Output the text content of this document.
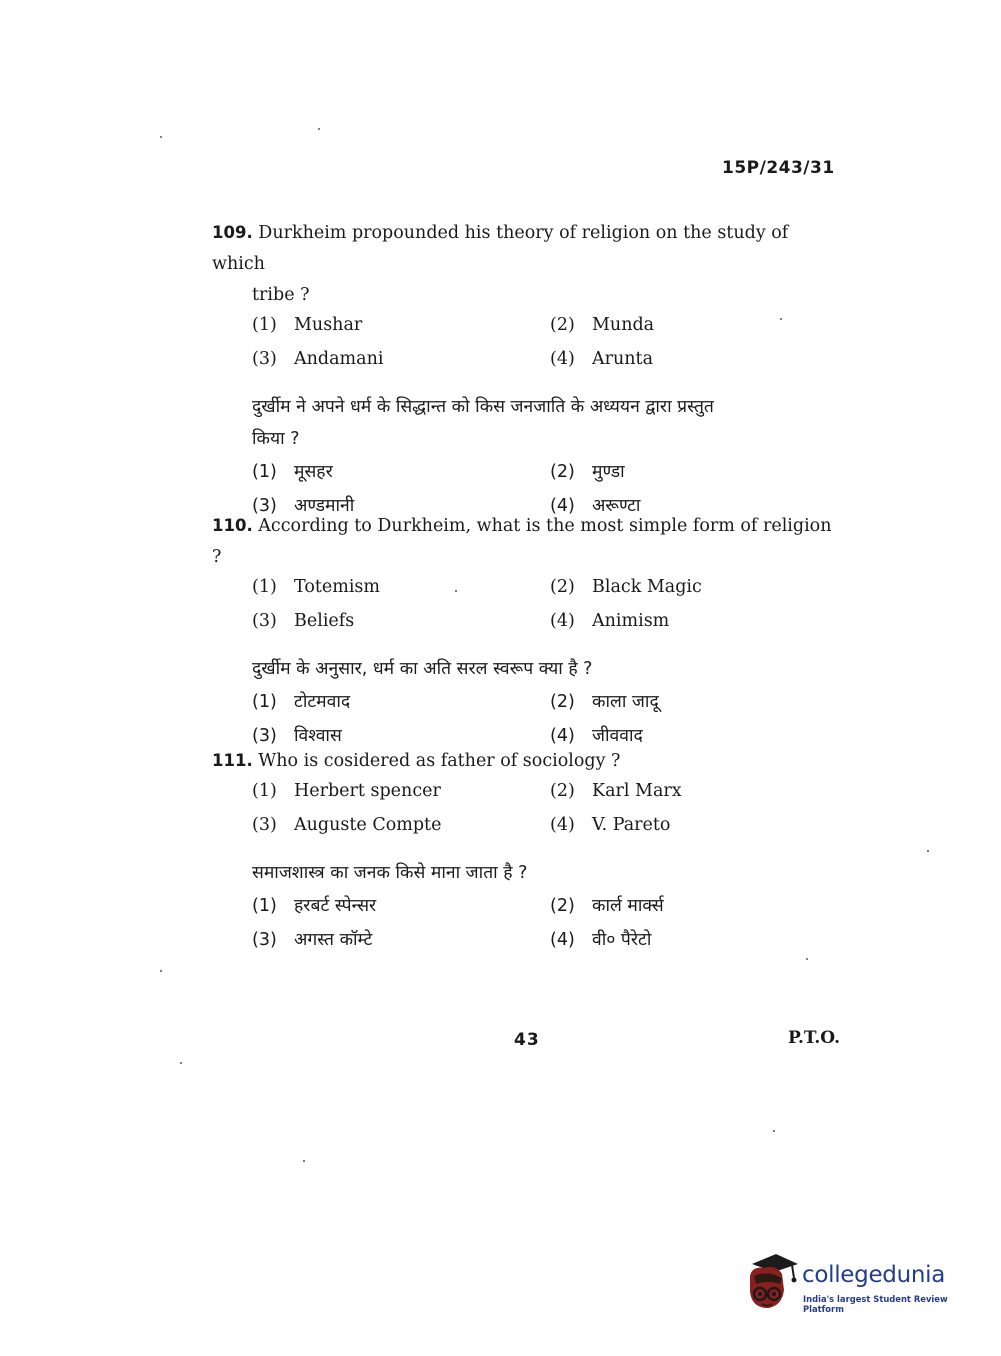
15P/243/31
109. Durkheim propounded his theory of religion on the study of which
tribe ?
(1) Mushar	(2) Munda
(3) Andamani	(4) Arunta
दुर्खीम ने अपने धर्म के सिद्धान्त को किस जनजाति के अध्ययन द्वारा प्रस्तुत
किया ?
(1) मूसहर	(2) मुण्डा
(3) अण्डमानी	(4) अरूण्टा
110. According to Durkheim, what is the most simple form of religion ?
(1) Totemism	(2) Black Magic
(3) Beliefs	(4) Animism
दुर्खीम के अनुसार, धर्म का अति सरल स्वरूप क्या है ?
(1) टोटमवाद	(2) काला जादू
(3) विश्वास	(4) जीववाद
111. Who is cosidered as father of sociology ?
(1) Herbert spencer	(2) Karl Marx
(3) Auguste Compte	(4) V. Pareto
समाजशास्त्र का जनक किसे माना जाता है ?
(1) हरबर्ट स्पेन्सर	(2) कार्ल मार्क्स
(3) अगस्त कॉम्टे	(4) वी० पैरेटो
43	P.T.O.
collegedunia
India's largest Student Review Platform
